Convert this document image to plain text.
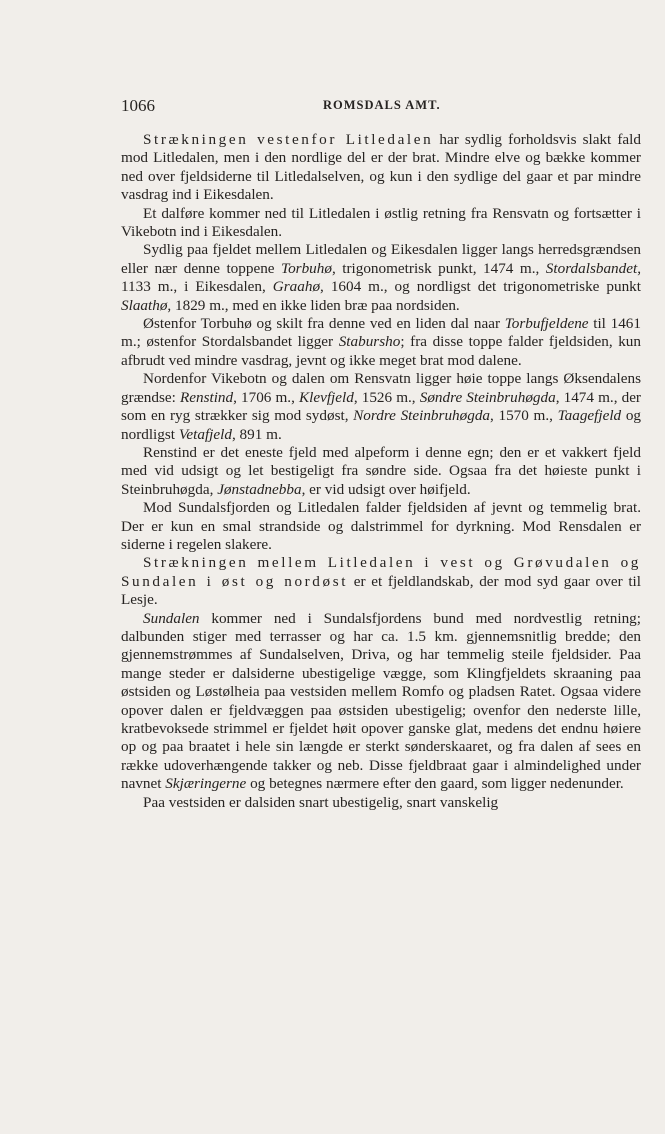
1066	ROMSDALS AMT.

Strækningen vestenfor Litledalen har sydlig forholdsvis slakt fald mod Litledalen, men i den nordlige del er der brat. Mindre elve og bække kommer ned over fjeldsiderne til Litledalselven, og kun i den sydlige del gaar et par mindre vasdrag ind i Eikesdalen.

Et dalføre kommer ned til Litledalen i østlig retning fra Rensvatn og fortsætter i Vikebotn ind i Eikesdalen.

Sydlig paa fjeldet mellem Litledalen og Eikesdalen ligger langs herredsgrændsen eller nær denne toppene Torbuhø, trigonometrisk punkt, 1474 m., Stordalsbandet, 1133 m., i Eikesdalen, Graahø, 1604 m., og nordligst det trigonometriske punkt Slaathø, 1829 m., med en ikke liden bræ paa nordsiden.

Østenfor Torbuhø og skilt fra denne ved en liden dal naar Torbufjeldene til 1461 m.; østenfor Stordalsbandet ligger Stabursho; fra disse toppe falder fjeldsiden, kun afbrudt ved mindre vasdrag, jevnt og ikke meget brat mod dalene.

Nordenfor Vikebotn og dalen om Rensvatn ligger høie toppe langs Øksendalens grændse: Renstind, 1706 m., Klevfjeld, 1526 m., Søndre Steinbruhøgda, 1474 m., der som en ryg strækker sig mod sydøst, Nordre Steinbruhøgda, 1570 m., Taagefjeld og nordligst Vetafjeld, 891 m.

Renstind er det eneste fjeld med alpeform i denne egn; den er et vakkert fjeld med vid udsigt og let bestigeligt fra søndre side. Ogsaa fra det høieste punkt i Steinbruhøgda, Jønstadnebba, er vid udsigt over høifjeld.

Mod Sundalsfjorden og Litledalen falder fjeldsiden af jevnt og temmelig brat. Der er kun en smal strandside og dalstrimmel for dyrkning. Mod Rensdalen er siderne i regelen slakere.

Strækningen mellem Litledalen i vest og Grøvudalen og Sundalen i øst og nordøst er et fjeldlandskab, der mod syd gaar over til Lesje.

Sundalen kommer ned i Sundalsfjordens bund med nordvestlig retning; dalbunden stiger med terrasser og har ca. 1.5 km. gjennemsnitlig bredde; den gjennemstrømmes af Sundalselven, Driva, og har temmelig steile fjeldsider. Paa mange steder er dalsiderne ubestigelige vægge, som Klingfjeldets skraaning paa østsiden og Løstølheia paa vestsiden mellem Romfo og pladsen Ratet. Ogsaa videre opover dalen er fjeldvæggen paa østsiden ubestigelig; ovenfor den nederste lille, kratbevoksede strimmel er fjeldet høit opover ganske glat, medens det endnu høiere op og paa braatet i hele sin længde er sterkt sønderskaaret, og fra dalen af sees en række udoverhængende takker og neb. Disse fjeldbraat gaar i almindelighed under navnet Skjæringerne og betegnes nærmere efter den gaard, som ligger nedenunder.

Paa vestsiden er dalsiden snart ubestigelig, snart vanskelig
